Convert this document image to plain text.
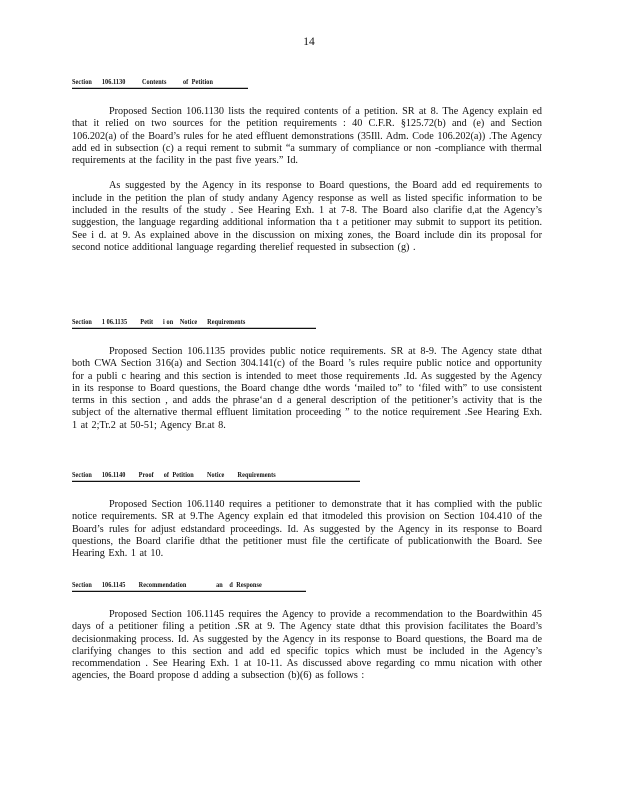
14
Section      106.1130          Contents          of  Petition

Proposed Section 106.1130 lists the required contents of a petition. SR at 8. The Agency explain ed that it relied on two sources for the petition requirements : 40 C.F.R. §125.72(b) and (e) and Section 106.202(a) of the Board’s rules for he ated effluent demonstrations (35Ill. Adm. Code 106.202(a)) .The Agency add ed in subsection (c) a requi rement to submit “a summary of compliance or non -compliance with thermal requirements at the facility in the past five years.” Id.

As suggested by the Agency in its response to Board questions, the Board add ed requirements to include in the petition the plan of study andany Agency response as well as listed specific information to be included in the results of the study . See Hearing Exh. 1 at 7-8. The Board also clarifie d,at the Agency’s suggestion, the language regarding additional information tha t a petitioner may submit to support its petition. See i d. at 9. As explained above in the discussion on mixing zones, the Board include din its proposal for second notice additional language regarding therelief requested in subsection (g) .

Section      1 06.1135        Petit      i on    Notice      Requirements

Proposed Section 106.1135 provides public notice requirements. SR at 8-9. The Agency state dthat both CWA Section 316(a) and Section 304.141(c) of the Board ’s rules require public notice and opportunity for a publi c hearing and this section is intended to meet those requirements .Id. As suggested by the Agency in its response to Board questions, the Board change dthe words ‘mailed to” to ‘filed with” to use consistent terms in this section , and adds the phrase‘an d a general description of the petitioner’s activity that is the subject of the alternative thermal effluent limitation proceeding ” to the notice requirement .See Hearing Exh. 1 at 2;Tr.2 at 50-51; Agency Br.at 8.

Section      106.1140        Proof      of  Petition        Notice        Requirements

Proposed Section 106.1140 requires a petitioner to demonstrate that it has complied with the public notice requirements. SR at 9.The Agency explain ed that itmodeled this provision on Section 104.410 of the Board’s rules for adjust edstandard proceedings. Id. As suggested by the Agency in its response to Board questions, the Board clarifie dthat the petitioner must file the certificate of publicationwith the Board. See Hearing Exh. 1 at 10.

Section      106.1145        Recommendation                  an    d  Response

Proposed Section 106.1145 requires the Agency to provide a recommendation to the Boardwithin 45 days of a petitioner filing a petition .SR at 9. The Agency state dthat this provision facilitates the Board’s decisionmaking process. Id. As suggested by the Agency in its response to Board questions, the Board ma de clarifying changes to this section and add ed specific topics which must be included in the Agency’s recommendation . See Hearing Exh. 1 at 10-11. As discussed above regarding co mmu nication with other agencies, the Board propose d adding a subsection (b)(6) as follows :
